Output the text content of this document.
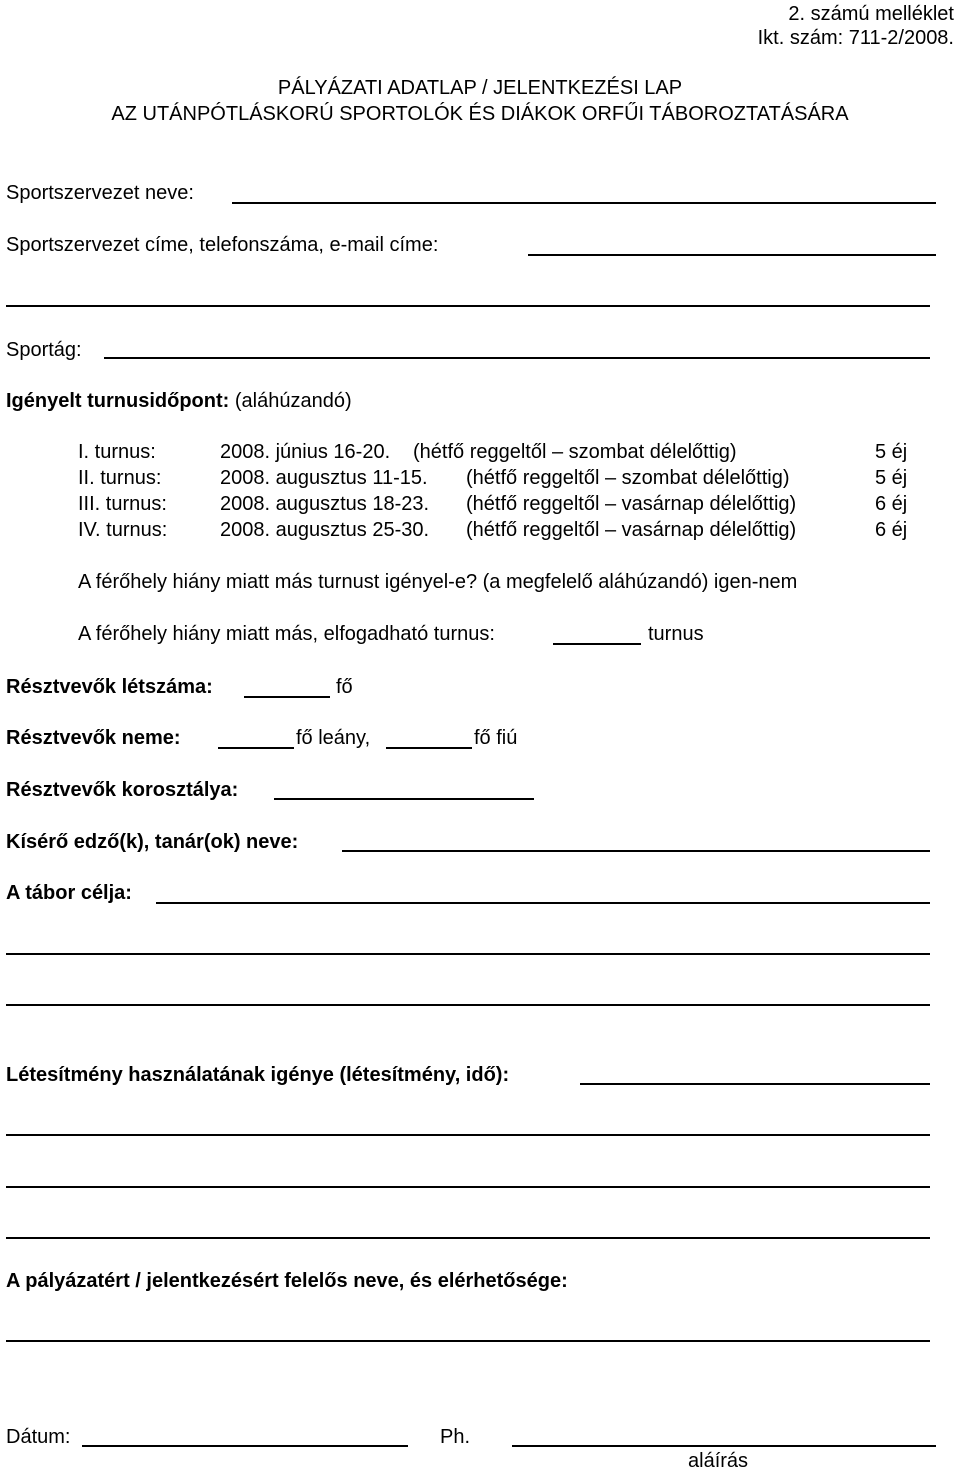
2. számú melléklet
Ikt. szám: 711-2/2008.
PÁLYÁZATI ADATLAP / JELENTKEZÉSI LAP
AZ UTÁNPÓTLÁSKORÚ SPORTOLÓK ÉS DIÁKOK ORFŰI TÁBOROZTATÁSÁRA
Sportszervezet neve:
Sportszervezet címe, telefonszáma, e-mail címe:
Sportág:
Igényelt turnusidőpont: (aláhúzandó)
I. turnus:	2008. június 16-20. (hétfő reggeltől – szombat délelőttig)	5 éj
II. turnus:	2008. augusztus 11-15. (hétfő reggeltől – szombat délelőttig)	5 éj
III. turnus:	2008. augusztus 18-23. (hétfő reggeltől – vasárnap délelőttig)	6 éj
IV. turnus:	2008. augusztus 25-30. (hétfő reggeltől – vasárnap délelőttig)	6 éj
A férőhely hiány miatt más turnust igényel-e? (a megfelelő aláhúzandó) igen-nem
A férőhely hiány miatt más, elfogadható turnus:	turnus
Résztvevők létszáma:	fő
Résztvevők neme:	fő leány,	fő fiú
Résztvevők korosztálya:
Kísérő edző(k), tanár(ok) neve:
A tábor célja:
Létesítmény használatának igénye (létesítmény, idő):
A pályázatért / jelentkezésért felelős neve, és elérhetősége:
Dátum:	Ph.
aláírás
